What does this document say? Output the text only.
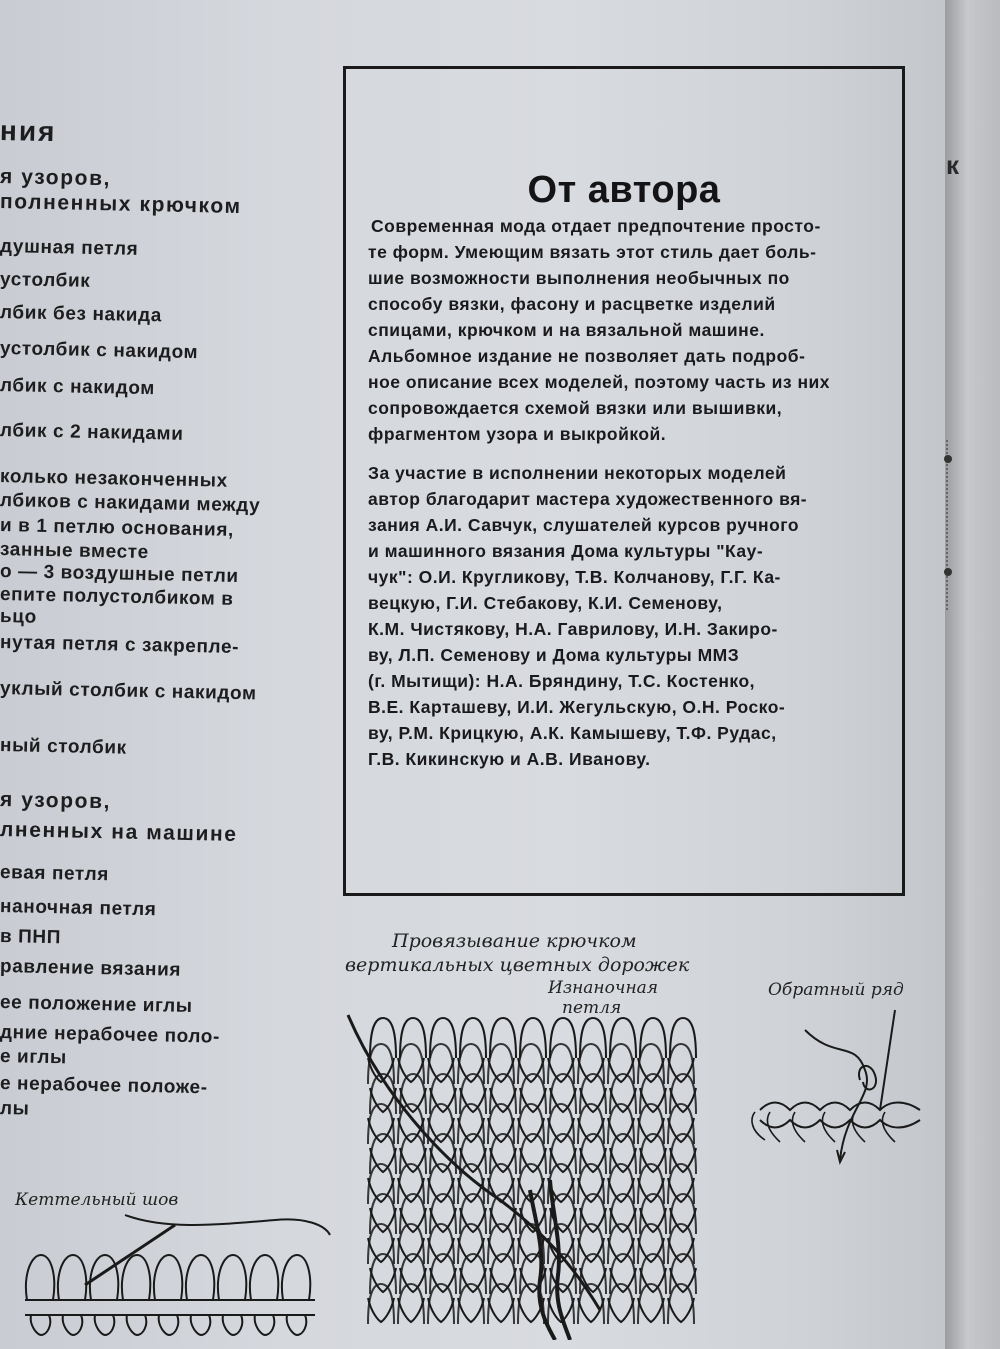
к
ния
я узоров,
полненных крючком
душная петля
устолбик
лбик без накида
устолбик с накидом
лбик с накидом
лбик с 2 накидами
колько незаконченных
лбиков с накидами между
и в 1 петлю основания,
занные вместе
о — 3 воздушные петли
епите полустолбиком в
ьцо
нутая петля с закрепле-
уклый столбик с накидом
ный столбик
я узоров,
лненных на машине
евая петля
наночная петля
в ПНП
равление вязания
ее положение иглы
дние нерабочее поло-
е иглы
е нерабочее положе-
лы
От автора
Современная мода отдает предпочтение просто-
те форм. Умеющим вязать этот стиль дает боль-
шие возможности выполнения необычных по
способу вязки, фасону и расцветке изделий
спицами, крючком и на вязальной машине.
Альбомное издание не позволяет дать подроб-
ное описание всех моделей, поэтому часть из них
сопровождается схемой вязки или вышивки,
фрагментом узора и выкройкой.
За участие в исполнении некоторых моделей
автор благодарит мастера художественного вя-
зания А.И. Савчук, слушателей курсов ручного
и машинного вязания Дома культуры "Кау-
чук": О.И. Кругликову, Т.В. Колчанову, Г.Г. Ка-
вецкую, Г.И. Стебакову, К.И. Семенову,
К.М. Чистякову, Н.А. Гаврилову, И.Н. Закиро-
ву, Л.П. Семенову и Дома культуры ММЗ
(г. Мытищи): Н.А. Бряндину, Т.С. Костенко,
В.Е. Карташеву, И.И. Жегульскую, О.Н. Роско-
ву, Р.М. Крицкую, А.К. Камышеву, Т.Ф. Рудас,
Г.В. Кикинскую и А.В. Иванову.
Провязывание крючком
вертикальных цветных дорожек
Изнаночная
петля
Обратный ряд
Кеттельный шов
